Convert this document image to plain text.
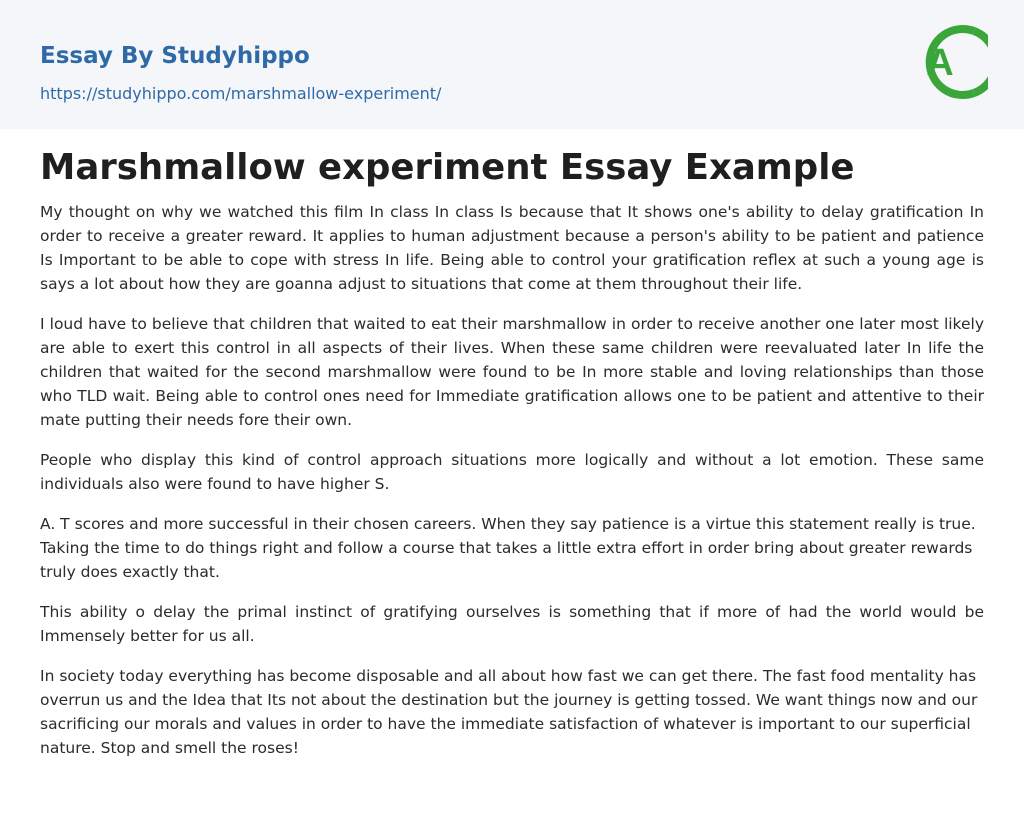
Essay By Studyhippo
https://studyhippo.com/marshmallow-experiment/
A
Marshmallow experiment Essay Example

My thought on why we watched this film In class In class Is because that It shows one's ability to delay gratification In order to receive a greater reward. It applies to human adjustment because a person's ability to be patient and patience Is Important to be able to cope with stress In life. Being able to control your gratification reflex at such a young age is says a lot about how they are goanna adjust to situations that come at them throughout their life.

I loud have to believe that children that waited to eat their marshmallow in order to receive another one later most likely are able to exert this control in all aspects of their lives. When these same children were reevaluated later In life the children that waited for the second marshmallow were found to be In more stable and loving relationships than those who TLD wait. Being able to control ones need for Immediate gratification allows one to be patient and attentive to their mate putting their needs fore their own.

People who display this kind of control approach situations more logically and without a lot emotion. These same individuals also were found to have higher S.

A. T scores and more successful in their chosen careers. When they say patience is a virtue this statement really is true. Taking the time to do things right and follow a course that takes a little extra effort in order bring about greater rewards truly does exactly that.

This ability o delay the primal instinct of gratifying ourselves is something that if more of had the world would be Immensely better for us all.

In society today everything has become disposable and all about how fast we can get there. The fast food mentality has overrun us and the Idea that Its not about the destination but the journey is getting tossed. We want things now and our sacrificing our morals and values in order to have the immediate satisfaction of whatever is important to our superficial nature. Stop and smell the roses!
